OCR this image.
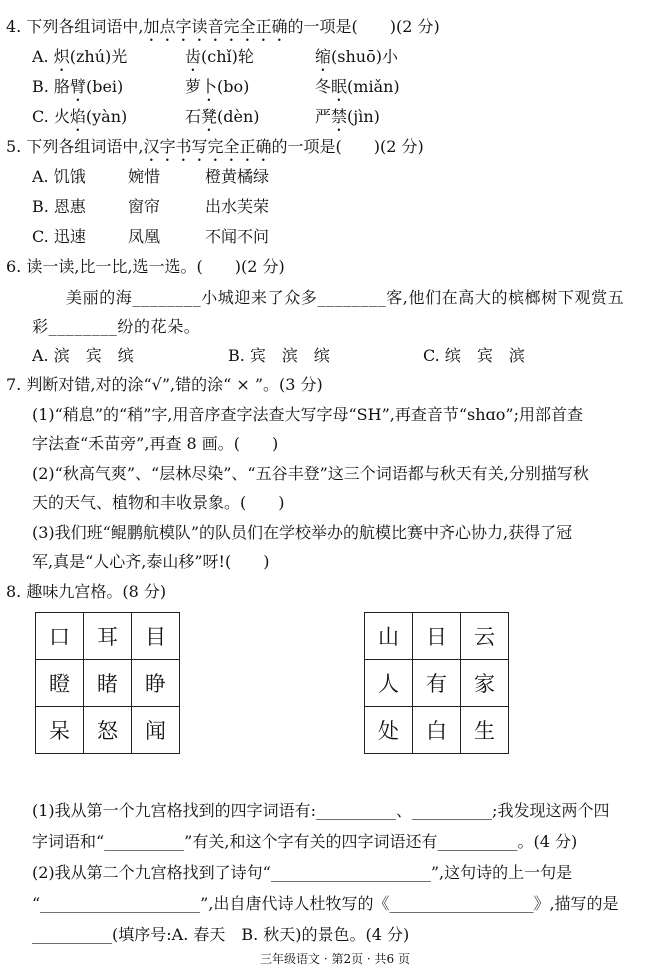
4. 下列各组词语中,加点字读音完全正确的一项是(　　)(2 分)
A. 炽(zhú)光	齿(chǐ)轮	缩(shuō)小
B. 胳臂(bei)	萝卜(bo)	冬眠(miǎn)
C. 火焰(yàn)	石凳(dèn)	严禁(jìn)
5. 下列各组词语中,汉字书写完全正确的一项是(　　)(2 分)
A. 饥饿	婉惜	橙黄橘绿
B. 恩惠	窗帘	出水芙荣
C. 迅速	凤凰	不闻不问
6. 读一读,比一比,选一选。(　　)(2 分)
美丽的海________小城迎来了众多________客,他们在高大的槟榔树下观赏五
彩________纷的花朵。
A. 滨　宾　缤	B. 宾　滨　缤	C. 缤　宾　滨
7. 判断对错,对的涂“√”,错的涂“ × ”。(3 分)
(1)“稍息”的“稍”字,用音序查字法查大写字母“SH”,再查音节“shɑo”;用部首查
字法查“禾苗旁”,再查 8 画。(　　)
(2)“秋高气爽”、“层林尽染”、“五谷丰登”这三个词语都与秋天有关,分别描写秋
天的天气、植物和丰收景象。(　　)
(3)我们班“鲲鹏航模队”的队员们在学校举办的航模比赛中齐心协力,获得了冠
军,真是“人心齐,泰山移”呀!(　　)
8. 趣味九宫格。(8 分)
口	耳	目
瞪	睹	睁
呆	怒	闻
山	日	云
人	有	家
处	白	生
(1)我从第一个九宫格找到的四字词语有:__________、__________;我发现这两个四
字词语和“__________”有关,和这个字有关的四字词语还有__________。(4 分)
(2)我从第二个九宫格找到了诗句“____________________”,这句诗的上一句是
“____________________”,出自唐代诗人杜牧写的《__________________》,描写的是
__________(填序号:A. 春天　B. 秋天)的景色。(4 分)
三年级语文 · 第2页 · 共6 页
